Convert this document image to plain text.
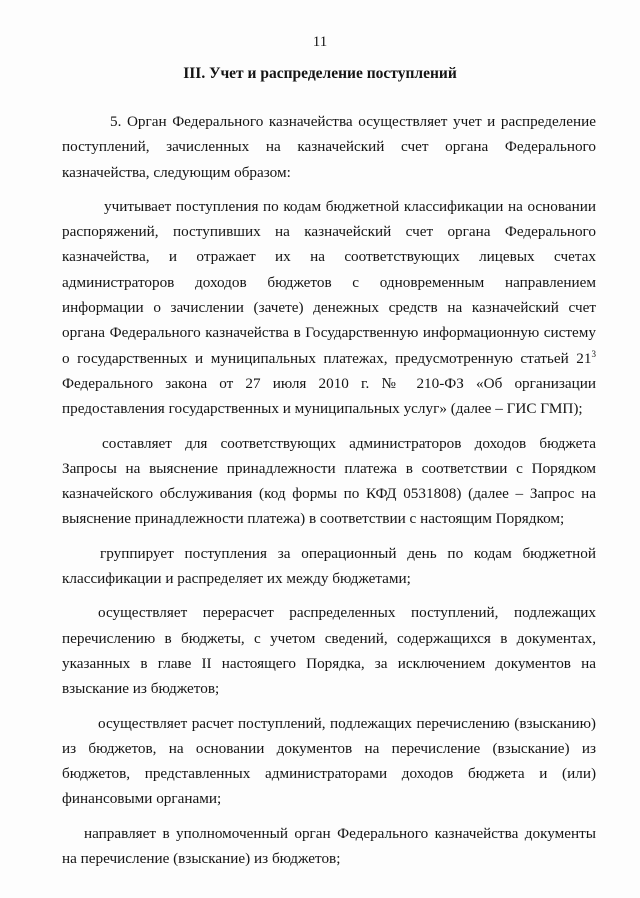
11
III. Учет и распределение поступлений

5. Орган Федерального казначейства осуществляет учет и распределение поступлений, зачисленных на казначейский счет органа Федерального казначейства, следующим образом:

учитывает поступления по кодам бюджетной классификации на основании распоряжений, поступивших на казначейский счет органа Федерального казначейства, и отражает их на соответствующих лицевых счетах администраторов доходов бюджетов с одновременным направлением информации о зачислении (зачете) денежных средств на казначейский счет органа Федерального казначейства в Государственную информационную систему о государственных и муниципальных платежах, предусмотренную статьей $21^3$ Федерального закона от 27 июля 2010 г. № 210-ФЗ «Об организации предоставления государственных и муниципальных услуг» (далее – ГИС ГМП);

составляет для соответствующих администраторов доходов бюджета Запросы на выяснение принадлежности платежа в соответствии с Порядком казначейского обслуживания (код формы по КФД 0531808) (далее – Запрос на выяснение принадлежности платежа) в соответствии с настоящим Порядком;

группирует поступления за операционный день по кодам бюджетной классификации и распределяет их между бюджетами;

осуществляет перерасчет распределенных поступлений, подлежащих перечислению в бюджеты, с учетом сведений, содержащихся в документах, указанных в главе II настоящего Порядка, за исключением документов на взыскание из бюджетов;

осуществляет расчет поступлений, подлежащих перечислению (взысканию) из бюджетов, на основании документов на перечисление (взыскание) из бюджетов, представленных администраторами доходов бюджета и (или) финансовыми органами;

направляет в уполномоченный орган Федерального казначейства документы на перечисление (взыскание) из бюджетов;
